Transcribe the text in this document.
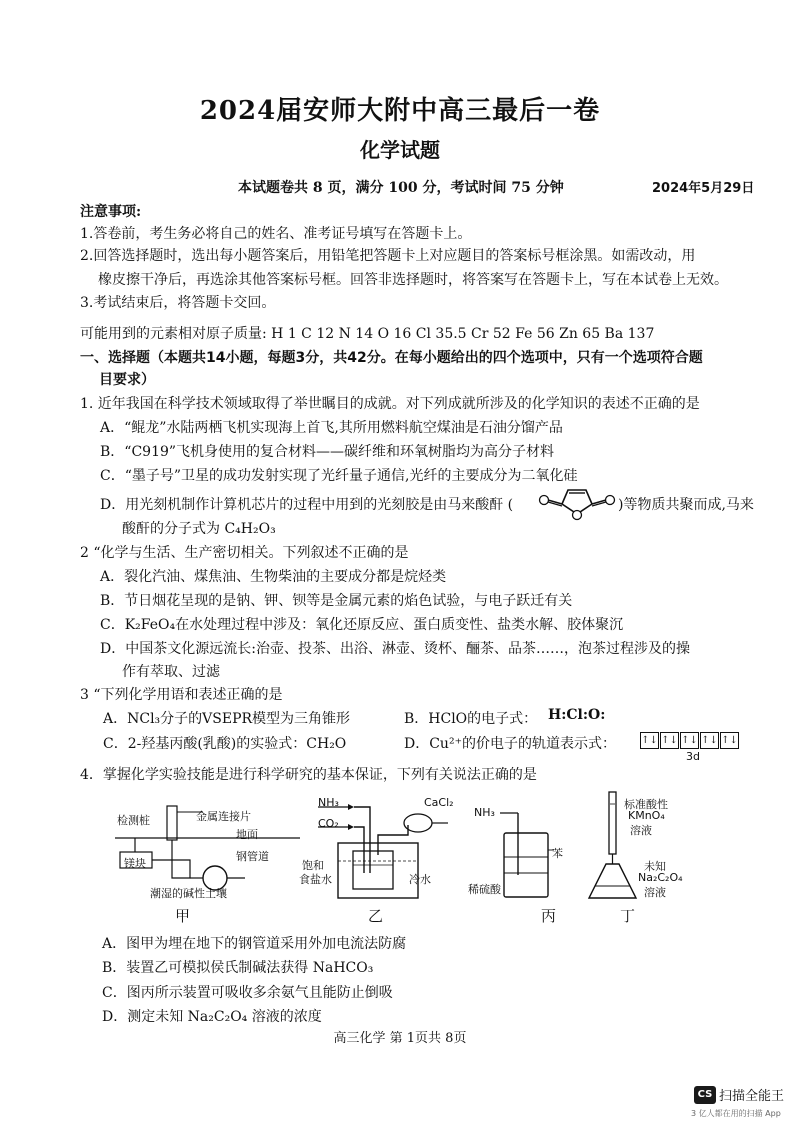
2024届安师大附中高三最后一卷
化学试题
本试题卷共 8 页，满分 100 分，考试时间 75 分钟	2024年5月29日
注意事项:
1.答卷前，考生务必将自己的姓名、准考证号填写在答题卡上。
2.回答选择题时，选出每小题答案后，用铅笔把答题卡上对应题目的答案标号框涂黑。如需改动，用
橡皮擦干净后，再选涂其他答案标号框。回答非选择题时，将答案写在答题卡上，写在本试卷上无效。
3.考试结束后，将答题卡交回。
可能用到的元素相对原子质量: H 1 C 12 N 14 O 16 Cl 35.5 Cr 52 Fe 56 Zn 65 Ba 137
一、选择题（本题共14小题，每题3分，共42分。在每小题给出的四个选项中，只有一个选项符合题
目要求）
1. 近年我国在科学技术领域取得了举世瞩目的成就。对下列成就所涉及的化学知识的表述不正确的是
A．“鲲龙”水陆两栖飞机实现海上首飞,其所用燃料航空煤油是石油分馏产品
B．“C919”飞机身使用的复合材料——碳纤维和环氧树脂均为高分子材料
C．“墨子号”卫星的成功发射实现了光纤量子通信,光纤的主要成分为二氧化硅
D．用光刻机制作计算机芯片的过程中用到的光刻胶是由马来酸酐 (	)等物质共聚而成,马来
酸酐的分子式为 C₄H₂O₃
2 “化学与生活、生产密切相关。下列叙述不正确的是
A．裂化汽油、煤焦油、生物柴油的主要成分都是烷烃类
B．节日烟花呈现的是钠、钾、钡等是金属元素的焰色试验，与电子跃迁有关
C．K₂FeO₄在水处理过程中涉及：氧化还原反应、蛋白质变性、盐类水解、胶体聚沉
D．中国茶文化源远流长:治壶、投茶、出浴、淋壶、烫杯、酾茶、品茶……，泡茶过程涉及的操
作有萃取、过滤
3 “下列化学用语和表述正确的是
A．NCl₃分子的VSEPR模型为三角锥形	B．HClO的电子式： H:Cl:O:
C．2-羟基丙酸(乳酸)的实验式：CH₂O	D．Cu²⁺的价电子的轨道表示式：	↑↓ ↑↓ ↑↓ ↑↓ ↑↓
3d
4．掌握化学实验技能是进行科学研究的基本保证，下列有关说法正确的是
检测桩	金属连接片
地面
镁块
钢管道
潮湿的碱性土壤
甲
NH₃
CO₂
CaCl₂
饱和
食盐水	冷水
乙
NH₃
苯
稀硫酸
丙
标准酸性
KMnO₄
溶液
未知
Na₂C₂O₄
溶液
丁
A．图甲为埋在地下的钢管道采用外加电流法防腐
B．装置乙可模拟侯氏制碱法获得 NaHCO₃
C．图丙所示装置可吸收多余氨气且能防止倒吸
D．测定未知 Na₂C₂O₄ 溶液的浓度
高三化学 第 1页共 8页
CS 扫描全能王
3 亿人都在用的扫描 App
